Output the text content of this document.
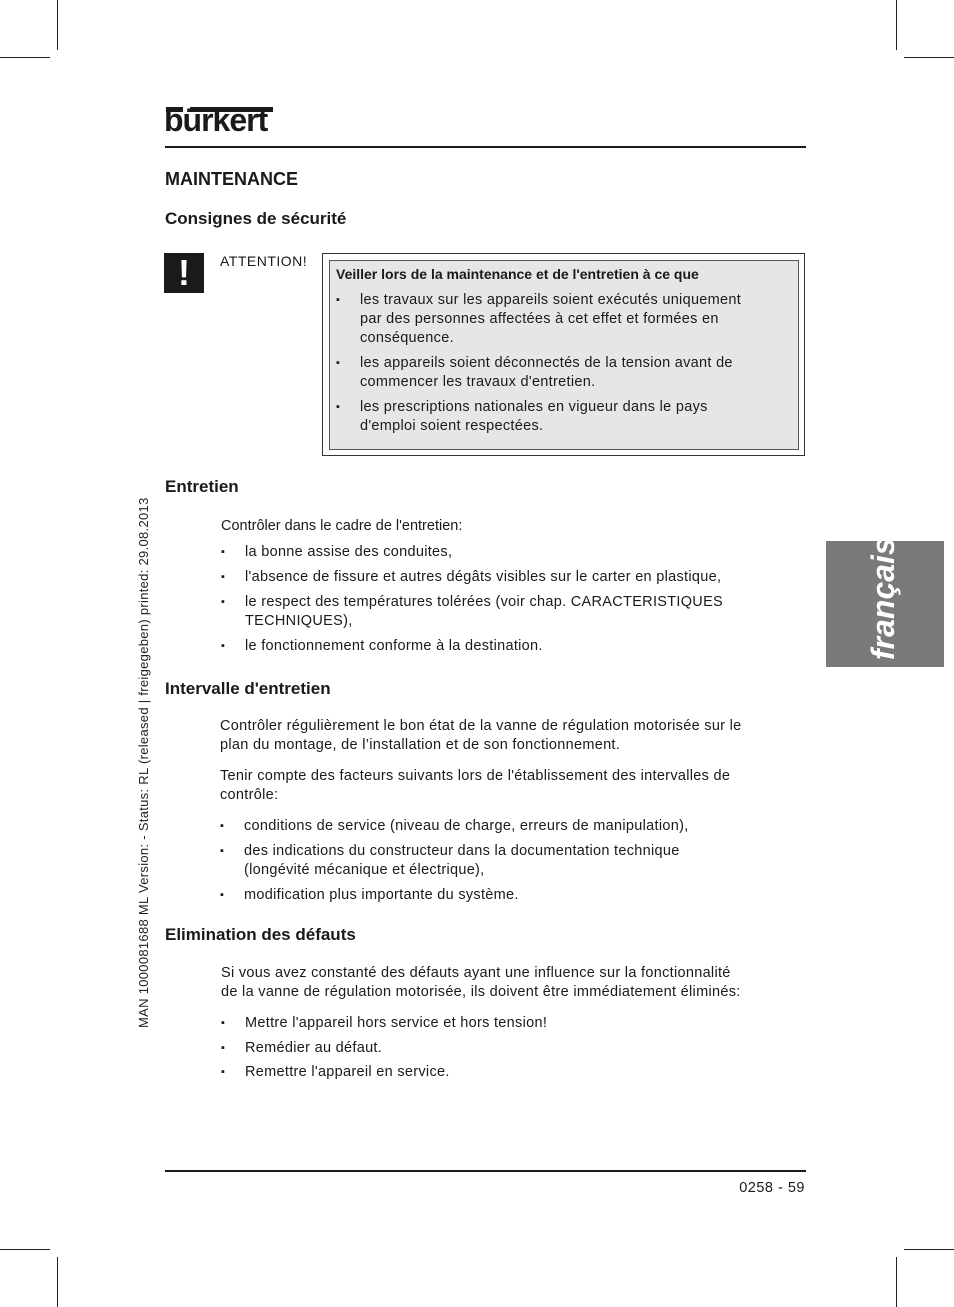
bürkert
MAN 1000081688 ML Version: - Status: RL (released | freigegeben) printed: 29.08.2013	français
MAINTENANCE
Consignes de sécurité
!	ATTENTION!
Veiller lors de la maintenance et de l'entretien à ce que
▪ les travaux sur les appareils soient exécutés uniquement
par des personnes affectées à cet effet et formées en
conséquence.
▪ les appareils soient déconnectés de la tension avant de
commencer les travaux d'entretien.
▪ les prescriptions nationales en vigueur dans le pays
d'emploi soient respectées.
Entretien
Contrôler dans le cadre de l'entretien:
▪ la bonne assise des conduites,
▪ l'absence de fissure et autres dégâts visibles sur le carter en plastique,
▪ le respect des températures tolérées (voir chap. CARACTERISTIQUES
TECHNIQUES),
▪ le fonctionnement conforme à la destination.
Intervalle d'entretien
Contrôler régulièrement le bon état de la vanne de régulation motorisée sur le
plan du montage, de l’installation et de son fonctionnement.
Tenir compte des facteurs suivants lors de l'établissement des intervalles de
contrôle:
▪ conditions de service (niveau de charge, erreurs de manipulation),
▪ des indications du constructeur dans la documentation technique
(longévité mécanique et électrique),
▪ modification plus importante du système.
Elimination des défauts
Si vous avez constanté des défauts ayant une influence sur la fonctionnalité
de la vanne de régulation motorisée, ils doivent être immédiatement éliminés:
▪ Mettre l'appareil hors service et hors tension!
▪ Remédier au défaut.
▪ Remettre l'appareil en service.
0258 - 59
